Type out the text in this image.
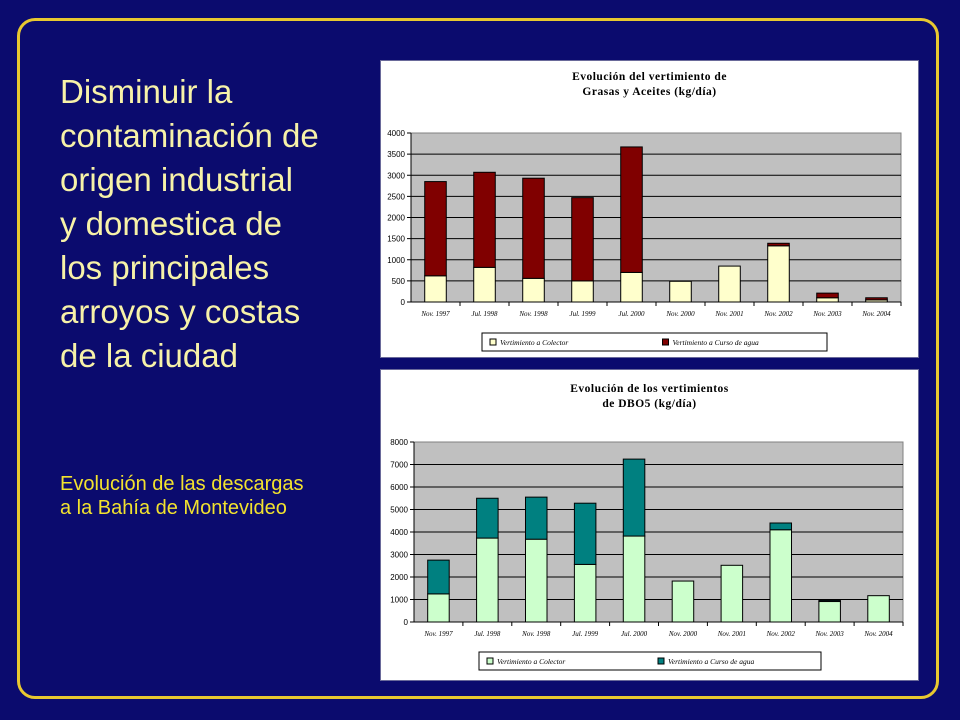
Disminuir la
contaminación de
origen industrial
y domestica de
los principales
arroyos y costas
de la ciudad
Evolución de las descargas
a la Bahía de Montevideo
Evolución del vertimiento de
Grasas y Aceites (kg/día)
0
500
1000
1500
2000
2500
3000
3500
4000
Nov. 1997	Jul. 1998	Nov. 1998	Jul. 1999	Jul. 2000	Nov. 2000	Nov. 2001	Nov. 2002	Nov. 2003	Nov. 2004
Vertimiento a Colector	Vertimiento a Curso de agua
Evolución de los vertimientos
de DBO5 (kg/día)
0
1000
2000
3000
4000
5000
6000
7000
8000
Nov. 1997	Jul. 1998	Nov. 1998	Jul. 1999	Jul. 2000	Nov. 2000	Nov. 2001	Nov. 2002	Nov. 2003	Nov. 2004
Vertimiento a Colector	Vertimiento a Curso de agua
